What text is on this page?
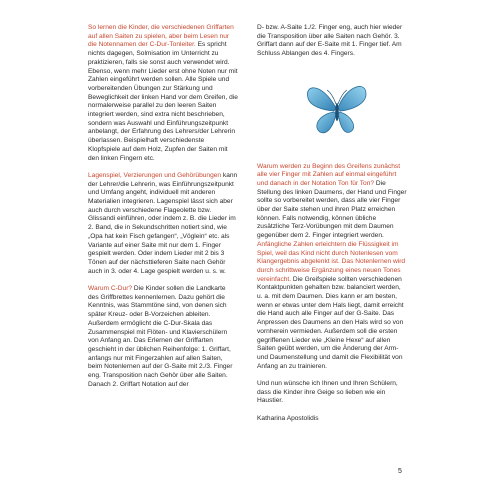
So lernen die Kinder, die verschiedenen Griffarten auf allen Saiten zu spielen, aber beim Lesen nur die Notennamen der C-Dur-Tonleiter. Es spricht nichts dagegen, Solmisation im Unterricht zu praktizieren, falls sie sonst auch verwendet wird. Ebenso, wenn mehr Lieder erst ohne Noten nur mit Zahlen eingeführt werden sollen. Alle Spiele und vorbereitenden Übungen zur Stärkung und Beweglichkeit der linken Hand vor dem Greifen, die normalerweise parallel zu den leeren Saiten integriert werden, sind extra nicht beschrieben, sondern was Auswahl und Einführungszeitpunkt anbelangt, der Erfahrung des Lehrers/der Lehrerin überlassen. Beispielhaft verschiedenste Klopfspiele auf dem Holz, Zupfen der Saiten mit den linken Fingern etc.

Lagenspiel, Verzierungen und Gehörübungen kann der Lehrer/die Lehrerin, was Einführungszeitpunkt und Umfang angeht, individuell mit anderen Materialien integrieren. Lagenspiel lässt sich aber auch durch verschiedene Flageolette bzw. Glissandi einführen, oder indem z. B. die Lieder im 2. Band, die in Sekundschritten notiert sind, wie „Opa hat kein Fisch gefangen“, „Vöglein“ etc. als Variante auf einer Saite mit nur dem 1. Finger gespielt werden. Oder indem Lieder mit 2 bis 3 Tönen auf der nächsttieferen Saite nach Gehör auch in 3. oder 4. Lage gespielt werden u. s. w.

Warum C-Dur? Die Kinder sollen die Landkarte des Griffbrettes kennenlernen. Dazu gehört die Kenntnis, was Stammtöne sind, von denen sich später Kreuz- oder B-Vorzeichen ableiten. Außerdem ermöglicht die C-Dur-Skala das Zusammenspiel mit Flöten- und Klavierschülern von Anfang an. Das Erlernen der Griffarten geschieht in der üblichen Reihenfolge: 1. Griffart, anfangs nur mit Fingerzahlen auf allen Saiten, beim Notenlernen auf der G-Saite mit 2./3. Finger eng. Transposition nach Gehör über alle Saiten. Danach 2. Griffart Notation auf der

D- bzw. A-Saite 1./2. Finger eng, auch hier wieder die Transposition über alle Saiten nach Gehör. 3. Griffart dann auf der E-Saite mit 1. Finger tief. Am Schluss Ablangen des 4. Fingers.

Warum werden zu Beginn des Greifens zunächst alle vier Finger mit Zahlen auf einmal eingeführt und danach in der Notation Ton für Ton? Die Stellung des linken Daumens, der Hand und Finger sollte so vorbereitet werden, dass alle vier Finger über der Saite stehen und ihren Platz erreichen können. Falls notwendig, können übliche zusätzliche Terz-Vorübungen mit dem Daumen gegenüber dem 2. Finger integriert werden. Anfängliche Zahlen erleichtern die Flüssigkeit im Spiel, weil das Kind nicht durch Notenlesen vom Klangergebnis abgelenkt ist. Das Notenlernen wird durch schrittweise Ergänzung eines neuen Tones vereinfacht. Die Greifspiele sollten verschiedenen Kontaktpunkten gehalten bzw. balanciert werden, u. a. mit dem Daumen. Dies kann er am besten, wenn er etwas unter dem Hals liegt, damit erreicht die Hand auch alle Finger auf der G-Saite. Das Anpressen des Daumens an den Hals wird so von vornherein vermieden. Außerdem soll die ersten gegriffenen Lieder wie „Kleine Hexe“ auf allen Saiten geübt werden, um die Änderung der Arm- und Daumenstellung und damit die Flexibilität von Anfang an zu trainieren.

Und nun wünsche ich Ihnen und Ihren Schülern, dass die Kinder ihre Geige so lieben wie ein Haustier.

Katharina Apostolidis

5
